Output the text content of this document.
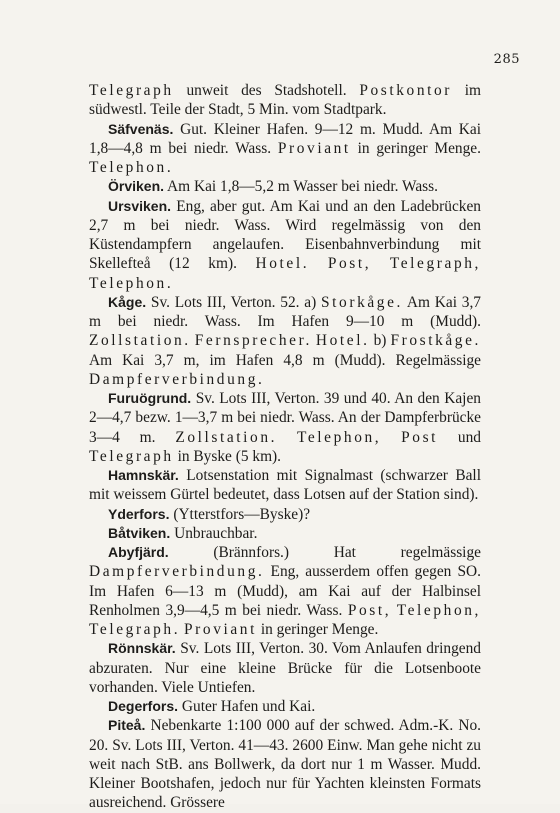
285

Telegraph unweit des Stadshotell. Postkontor im südwestl. Teile der Stadt, 5 Min. vom Stadtpark.

Säfvenäs. Gut. Kleiner Hafen. 9—12 m. Mudd. Am Kai 1,8—4,8 m bei niedr. Wass. Proviant in geringer Menge. Telephon.

Örviken. Am Kai 1,8—5,2 m Wasser bei niedr. Wass.

Ursviken. Eng, aber gut. Am Kai und an den Ladebrücken 2,7 m bei niedr. Wass. Wird regelmässig von den Küstendampfern angelaufen. Eisenbahnverbindung mit Skellefteå (12 km). Hotel. Post, Telegraph, Telephon.

Kåge. Sv. Lots III, Verton. 52. a) Storkåge. Am Kai 3,7 m bei niedr. Wass. Im Hafen 9—10 m (Mudd). Zollstation. Fernsprecher. Hotel. b) Frostkåge. Am Kai 3,7 m, im Hafen 4,8 m (Mudd). Regelmässige Dampferverbindung.

Furuögrund. Sv. Lots III, Verton. 39 und 40. An den Kajen 2—4,7 bezw. 1—3,7 m bei niedr. Wass. An der Dampferbrücke 3—4 m. Zollstation. Telephon, Post und Telegraph in Byske (5 km).

Hamnskär. Lotsenstation mit Signalmast (schwarzer Ball mit weissem Gürtel bedeutet, dass Lotsen auf der Station sind).

Yderfors. (Ytterstfors—Byske)?

Båtviken. Unbrauchbar.

Abyfjärd. (Brännfors.) Hat regelmässige Dampferverbindung. Eng, ausserdem offen gegen SO. Im Hafen 6—13 m (Mudd), am Kai auf der Halbinsel Renholmen 3,9—4,5 m bei niedr. Wass. Post, Telephon, Telegraph. Proviant in geringer Menge.

Rönnskär. Sv. Lots III, Verton. 30. Vom Anlaufen dringend abzuraten. Nur eine kleine Brücke für die Lotsenboote vorhanden. Viele Untiefen.

Degerfors. Guter Hafen und Kai.

Piteå. Nebenkarte 1:100 000 auf der schwed. Adm.-K. No. 20. Sv. Lots III, Verton. 41—43. 2600 Einw. Man gehe nicht zu weit nach StB. ans Bollwerk, da dort nur 1 m Wasser. Mudd. Kleiner Bootshafen, jedoch nur für Yachten kleinsten Formats ausreichend. Grössere
